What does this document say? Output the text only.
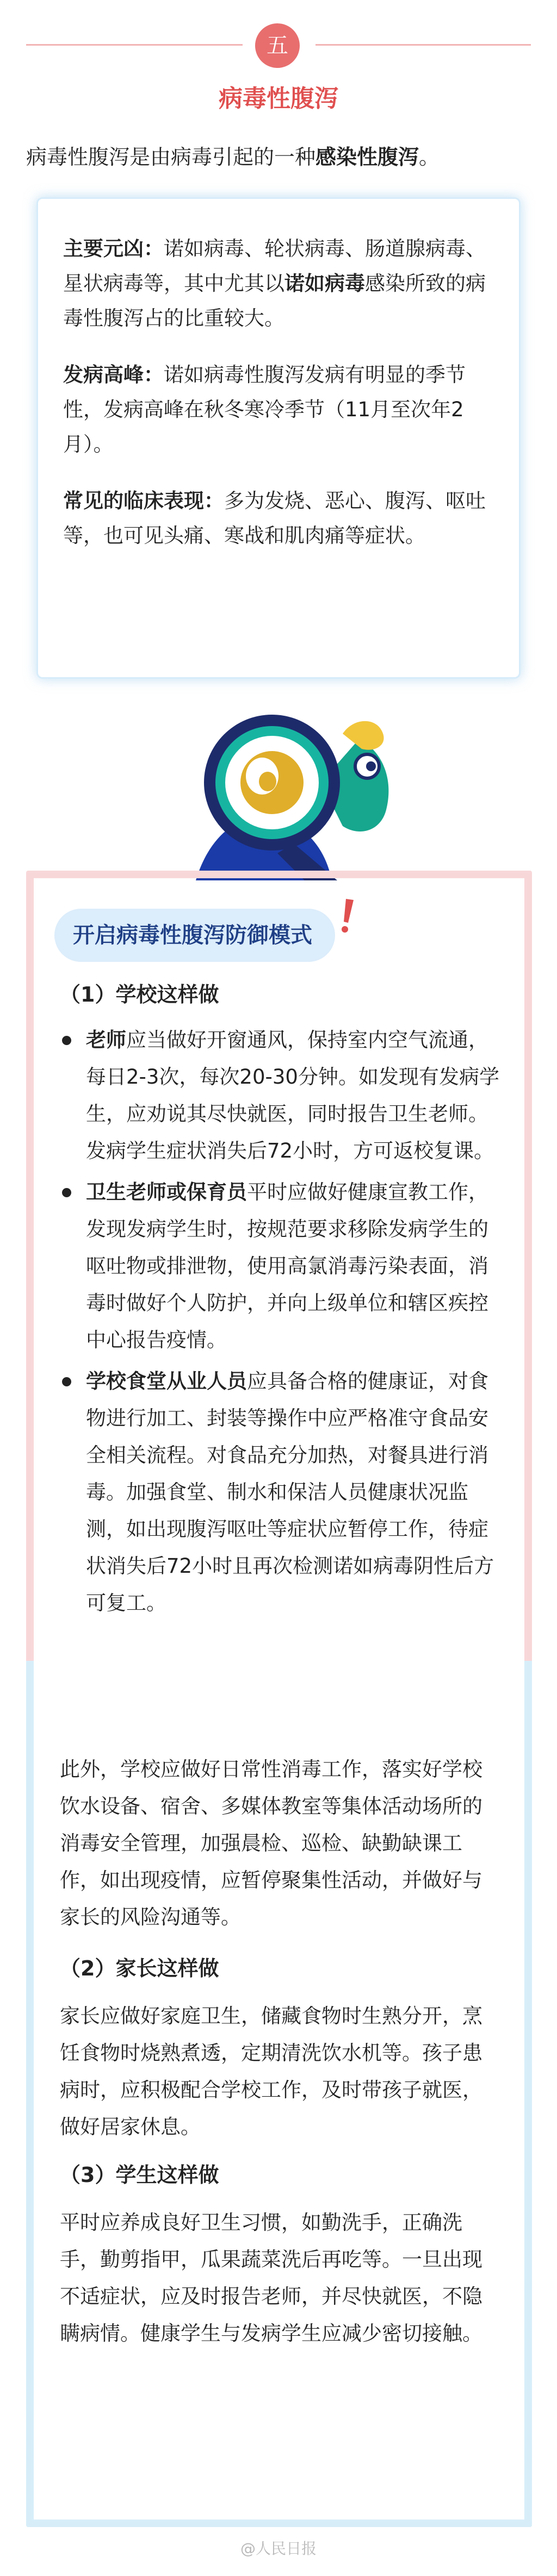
五
病毒性腹泻
病毒性腹泻是由病毒引起的一种感染性腹泻。

主要元凶：诺如病毒、轮状病毒、肠道腺病毒、星状病毒等，其中尤其以诺如病毒感染所致的病毒性腹泻占的比重较大。

发病高峰：诺如病毒性腹泻发病有明显的季节性，发病高峰在秋冬寒冷季节（11月至次年2月）。

常见的临床表现：多为发烧、恶心、腹泻、呕吐等，也可见头痛、寒战和肌肉痛等症状。

开启病毒性腹泻防御模式
（1）学校这样做
老师应当做好开窗通风，保持室内空气流通，每日2-3次，每次20-30分钟。如发现有发病学生，应劝说其尽快就医，同时报告卫生老师。发病学生症状消失后72小时，方可返校复课。
卫生老师或保育员平时应做好健康宣教工作，发现发病学生时，按规范要求移除发病学生的呕吐物或排泄物，使用高氯消毒污染表面，消毒时做好个人防护，并向上级单位和辖区疾控中心报告疫情。
学校食堂从业人员应具备合格的健康证，对食物进行加工、封装等操作中应严格准守食品安全相关流程。对食品充分加热，对餐具进行消毒。加强食堂、制水和保洁人员健康状况监测，如出现腹泻呕吐等症状应暂停工作，待症状消失后72小时且再次检测诺如病毒阴性后方可复工。

此外，学校应做好日常性消毒工作，落实好学校饮水设备、宿舍、多媒体教室等集体活动场所的消毒安全管理，加强晨检、巡检、缺勤缺课工作，如出现疫情，应暂停聚集性活动，并做好与家长的风险沟通等。

（2）家长这样做

家长应做好家庭卫生，储藏食物时生熟分开，烹饪食物时烧熟煮透，定期清洗饮水机等。孩子患病时，应积极配合学校工作，及时带孩子就医，做好居家休息。

（3）学生这样做

平时应养成良好卫生习惯，如勤洗手，正确洗手，勤剪指甲，瓜果蔬菜洗后再吃等。一旦出现不适症状，应及时报告老师，并尽快就医，不隐瞒病情。健康学生与发病学生应减少密切接触。

@人民日报
